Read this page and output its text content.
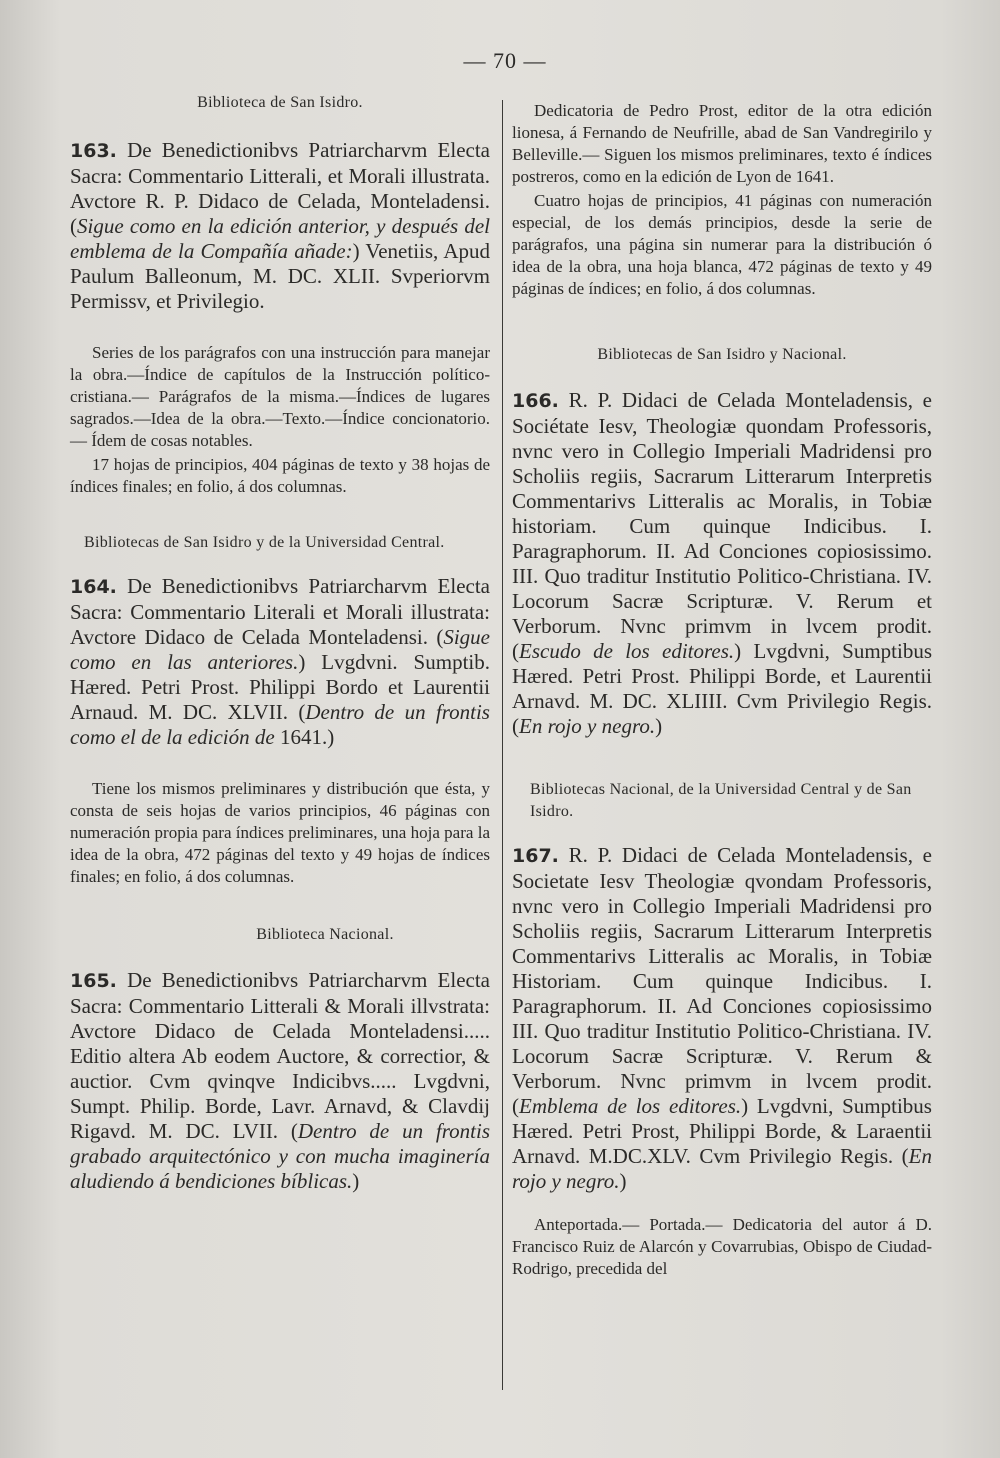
— 70 —
Biblioteca de San Isidro.

163. De Benedictionibvs Patriarcharvm Electa Sacra: Commentario Litterali, et Morali illustrata. Avctore R. P. Didaco de Celada, Monteladensi. (Sigue como en la edición anterior, y después del emblema de la Compañía añade:) Venetiis, Apud Paulum Balleonum, M. DC. XLII. Svperiorvm Permissv, et Privilegio.

Series de los parágrafos con una instrucción para manejar la obra.—Índice de capítulos de la Instrucción político-cristiana.— Parágrafos de la misma.—Índices de lugares sagrados.—Idea de la obra.—Texto.—Índice concionatorio.— Ídem de cosas notables.

17 hojas de principios, 404 páginas de texto y 38 hojas de índices finales; en folio, á dos columnas.

Bibliotecas de San Isidro y de la Universidad Central.

164. De Benedictionibvs Patriarcharvm Electa Sacra: Commentario Literali et Morali illustrata: Avctore Didaco de Celada Monteladensi. (Sigue como en las anteriores.) Lvgdvni. Sumptib. Hæred. Petri Prost. Philippi Bordo et Laurentii Arnaud. M. DC. XLVII. (Dentro de un frontis como el de la edición de 1641.)

Tiene los mismos preliminares y distribución que ésta, y consta de seis hojas de varios principios, 46 páginas con numeración propia para índices preliminares, una hoja para la idea de la obra, 472 páginas del texto y 49 hojas de índices finales; en folio, á dos columnas.

Biblioteca Nacional.

165. De Benedictionibvs Patriarcharvm Electa Sacra: Commentario Litterali & Morali illvstrata: Avctore Didaco de Celada Monteladensi..... Editio altera Ab eodem Auctore, & correctior, & auctior. Cvm qvinqve Indicibvs..... Lvgdvni, Sumpt. Philip. Borde, Lavr. Arnavd, & Clavdij Rigavd. M. DC. LVII. (Dentro de un frontis grabado arquitectónico y con mucha imaginería aludiendo á bendiciones bíblicas.)

Dedicatoria de Pedro Prost, editor de la otra edición lionesa, á Fernando de Neufrille, abad de San Vandregirilo y Belleville.— Siguen los mismos preliminares, texto é índices postreros, como en la edición de Lyon de 1641.

Cuatro hojas de principios, 41 páginas con numeración especial, de los demás principios, desde la serie de parágrafos, una página sin numerar para la distribución ó idea de la obra, una hoja blanca, 472 páginas de texto y 49 páginas de índices; en folio, á dos columnas.

Bibliotecas de San Isidro y Nacional.

166. R. P. Didaci de Celada Monteladensis, e Sociétate Iesv, Theologiæ quondam Professoris, nvnc vero in Collegio Imperiali Madridensi pro Scholiis regiis, Sacrarum Litterarum Interpretis Commentarivs Litteralis ac Moralis, in Tobiæ historiam. Cum quinque Indicibus. I. Paragraphorum. II. Ad Conciones copiosissimo. III. Quo traditur Institutio Politico-Christiana. IV. Locorum Sacræ Scripturæ. V. Rerum et Verborum. Nvnc primvm in lvcem prodit. (Escudo de los editores.) Lvgdvni, Sumptibus Hæred. Petri Prost. Philippi Borde, et Laurentii Arnavd. M. DC. XLIIII. Cvm Privilegio Regis. (En rojo y negro.)

Bibliotecas Nacional, de la Universidad Central y de San Isidro.

167. R. P. Didaci de Celada Monteladensis, e Societate Iesv Theologiæ qvondam Professoris, nvnc vero in Collegio Imperiali Madridensi pro Scholiis regiis, Sacrarum Litterarum Interpretis Commentarivs Litteralis ac Moralis, in Tobiæ Historiam. Cum quinque Indicibus. I. Paragraphorum. II. Ad Conciones copiosissimo III. Quo traditur Institutio Politico-Christiana. IV. Locorum Sacræ Scripturæ. V. Rerum & Verborum. Nvnc primvm in lvcem prodit. (Emblema de los editores.) Lvgdvni, Sumptibus Hæred. Petri Prost, Philippi Borde, & Laraentii Arnavd. M.DC.XLV. Cvm Privilegio Regis. (En rojo y negro.)

Anteportada.— Portada.— Dedicatoria del autor á D. Francisco Ruiz de Alarcón y Covarrubias, Obispo de Ciudad-Rodrigo, precedida del
